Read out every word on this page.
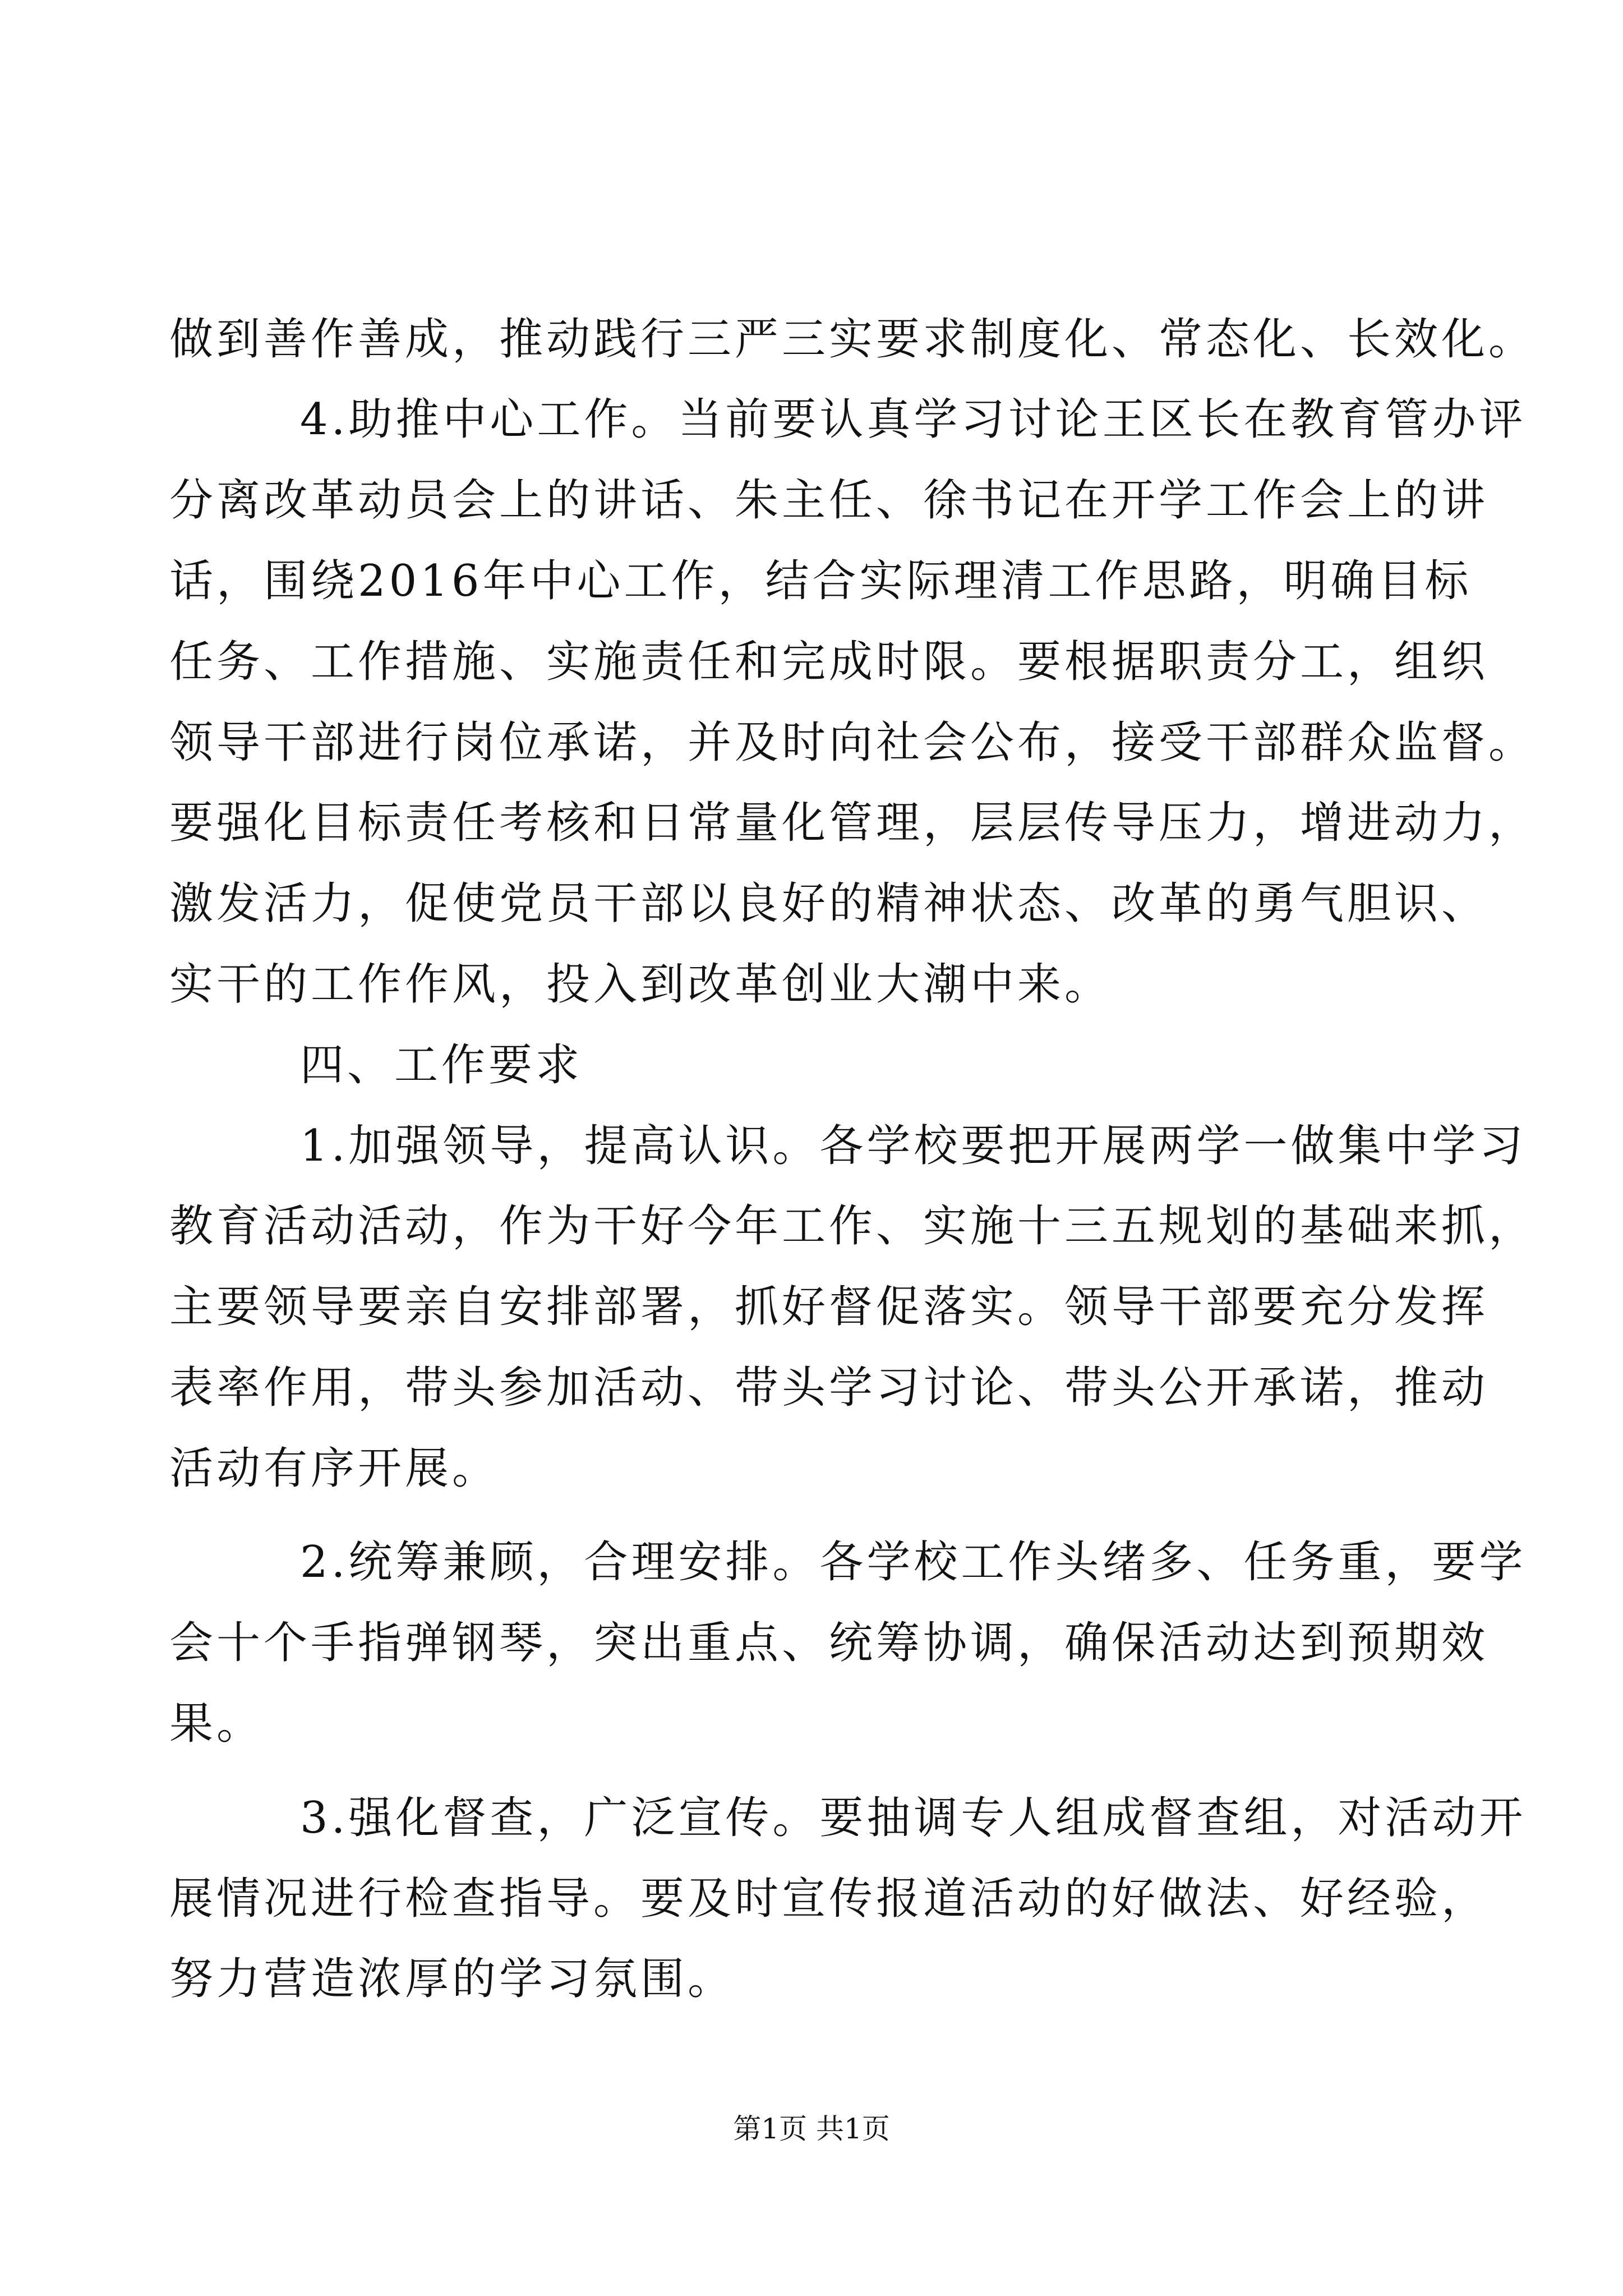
做到善作善成，推动践行三严三实要求制度化、常态化、长效化。
4.助推中心工作。当前要认真学习讨论王区长在教育管办评
分离改革动员会上的讲话、朱主任、徐书记在开学工作会上的讲
话，围绕2016年中心工作，结合实际理清工作思路，明确目标
任务、工作措施、实施责任和完成时限。要根据职责分工，组织
领导干部进行岗位承诺，并及时向社会公布，接受干部群众监督。
要强化目标责任考核和日常量化管理，层层传导压力，增进动力，
激发活力，促使党员干部以良好的精神状态、改革的勇气胆识、
实干的工作作风，投入到改革创业大潮中来。
四、工作要求
1.加强领导，提高认识。各学校要把开展两学一做集中学习
教育活动活动，作为干好今年工作、实施十三五规划的基础来抓，
主要领导要亲自安排部署，抓好督促落实。领导干部要充分发挥
表率作用，带头参加活动、带头学习讨论、带头公开承诺，推动
活动有序开展。
2.统筹兼顾，合理安排。各学校工作头绪多、任务重，要学
会十个手指弹钢琴，突出重点、统筹协调，确保活动达到预期效
果。
3.强化督查，广泛宣传。要抽调专人组成督查组，对活动开
展情况进行检查指导。要及时宣传报道活动的好做法、好经验，
努力营造浓厚的学习氛围。
第1页 共1页
